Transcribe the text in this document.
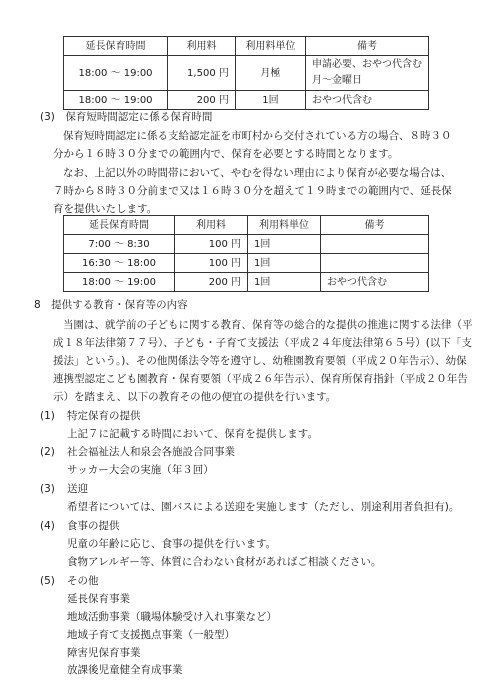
延長保育時間	利用料	利用料単位	備考
18:00 ～ 19:00	1,500 円	月極	申請必要、おやつ代含む
月～金曜日

18:00 ～ 19:00	200 円	1回	おやつ代含む
(3)　保育短時間認定に係る保育時間
保育短時間認定に係る支給認定証を市町村から交付されている方の場合、８時３０
分から１６時３０分までの範囲内で、保育を必要とする時間となります。
なお、上記以外の時間帯において、やむを得ない理由により保育が必要な場合は、
７時から８時３０分前まで又は１６時３０分を超えて１９時までの範囲内で、延長保
育を提供いたします。
延長保育時間	利用料	利用料単位	備考
7:00 ～ 8:30	100 円	1回	
16:30 ～ 18:00	100 円	1回	
18:00 ～ 19:00	200 円	1回	おやつ代含む
8　提供する教育・保育等の内容
当園は、就学前の子どもに関する教育、保育等の総合的な提供の推進に関する法律（平
成１８年法律第７７号）、子ども・子育て支援法（平成２４年度法律第６５号）(以下「支
援法」という。)、その他関係法令等を遵守し、幼稚園教育要領（平成２０年告示）、幼保
連携型認定こども園教育・保育要領（平成２６年告示）、保育所保育指針（平成２０年告
示）を踏まえ、以下の教育その他の便宜の提供を行います。
(1) 特定保育の提供
上記７に記載する時間において、保育を提供します。
(2) 社会福祉法人和泉会各施設合同事業
サッカー大会の実施（年３回）
(3) 送迎
希望者については、園バスによる送迎を実施します（ただし、別途利用者負担有)。
(4) 食事の提供
児童の年齢に応じ、食事の提供を行います。
食物アレルギー等、体質に合わない食材があればご相談ください。
(5) その他
延長保育事業
地域活動事業（職場体験受け入れ事業など）
地域子育て支援拠点事業（一般型）
障害児保育事業
放課後児童健全育成事業
